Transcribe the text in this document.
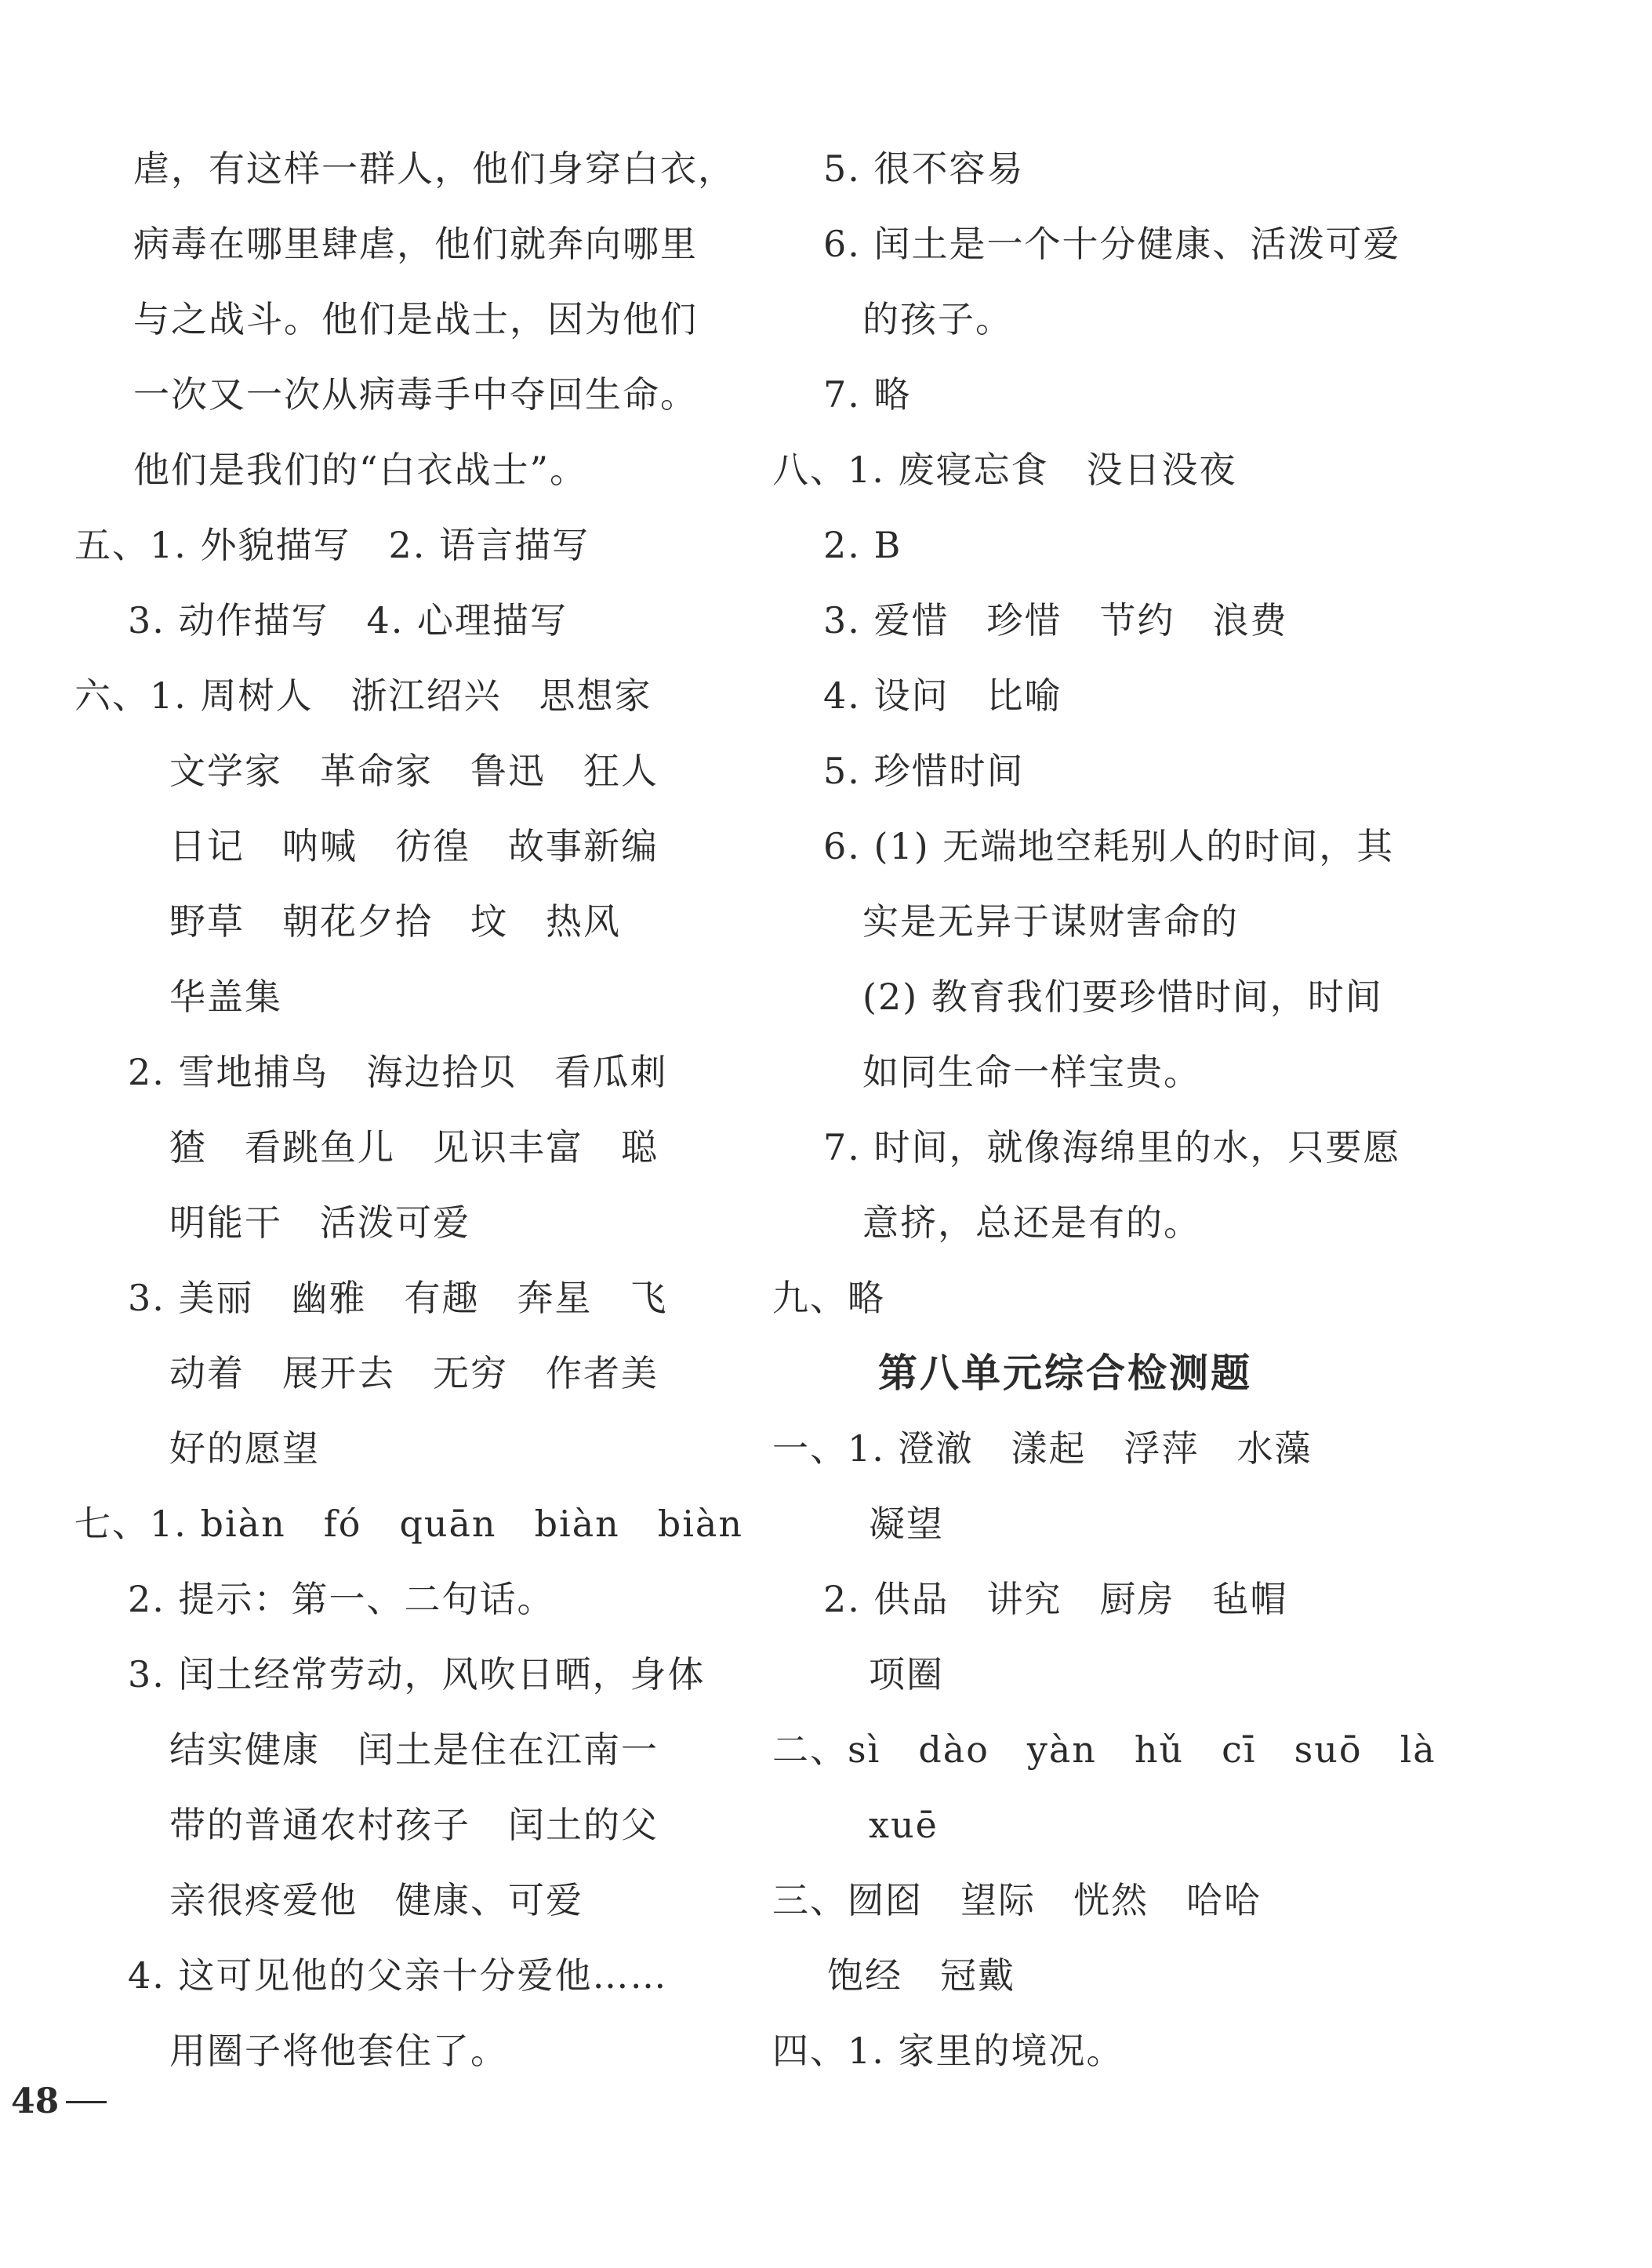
虐，有这样一群人，他们身穿白衣，
病毒在哪里肆虐，他们就奔向哪里
与之战斗。他们是战士，因为他们
一次又一次从病毒手中夺回生命。
他们是我们的“白衣战士”。
五、1. 外貌描写　2. 语言描写
3. 动作描写　4. 心理描写
六、1. 周树人　浙江绍兴　思想家
文学家　革命家　鲁迅　狂人
日记　呐喊　彷徨　故事新编
野草　朝花夕拾　坟　热风
华盖集
2. 雪地捕鸟　海边拾贝　看瓜刺
猹　看跳鱼儿　见识丰富　聪
明能干　活泼可爱
3. 美丽　幽雅　有趣　奔星　飞
动着　展开去　无穷　作者美
好的愿望
七、1. biàn　fó　quān　biàn　biàn
2. 提示：第一、二句话。
3. 闰土经常劳动，风吹日晒，身体
结实健康　闰土是住在江南一
带的普通农村孩子　闰土的父
亲很疼爱他　健康、可爱
4. 这可见他的父亲十分爱他……
用圈子将他套住了。
5. 很不容易
6. 闰土是一个十分健康、活泼可爱
的孩子。
7. 略
八、1. 废寝忘食　没日没夜
2. B
3. 爱惜　珍惜　节约　浪费
4. 设问　比喻
5. 珍惜时间
6. (1) 无端地空耗别人的时间，其
实是无异于谋财害命的
(2) 教育我们要珍惜时间，时间
如同生命一样宝贵。
7. 时间，就像海绵里的水，只要愿
意挤，总还是有的。
九、略
第八单元综合检测题
一、1. 澄澈　漾起　浮萍　水藻
凝望
2. 供品　讲究　厨房　毡帽
项圈
二、sì　dào　yàn　hǔ　cī　suō　là
xuē
三、囫囵　望际　恍然　哈哈
饱经　冠戴
四、1. 家里的境况。
48
